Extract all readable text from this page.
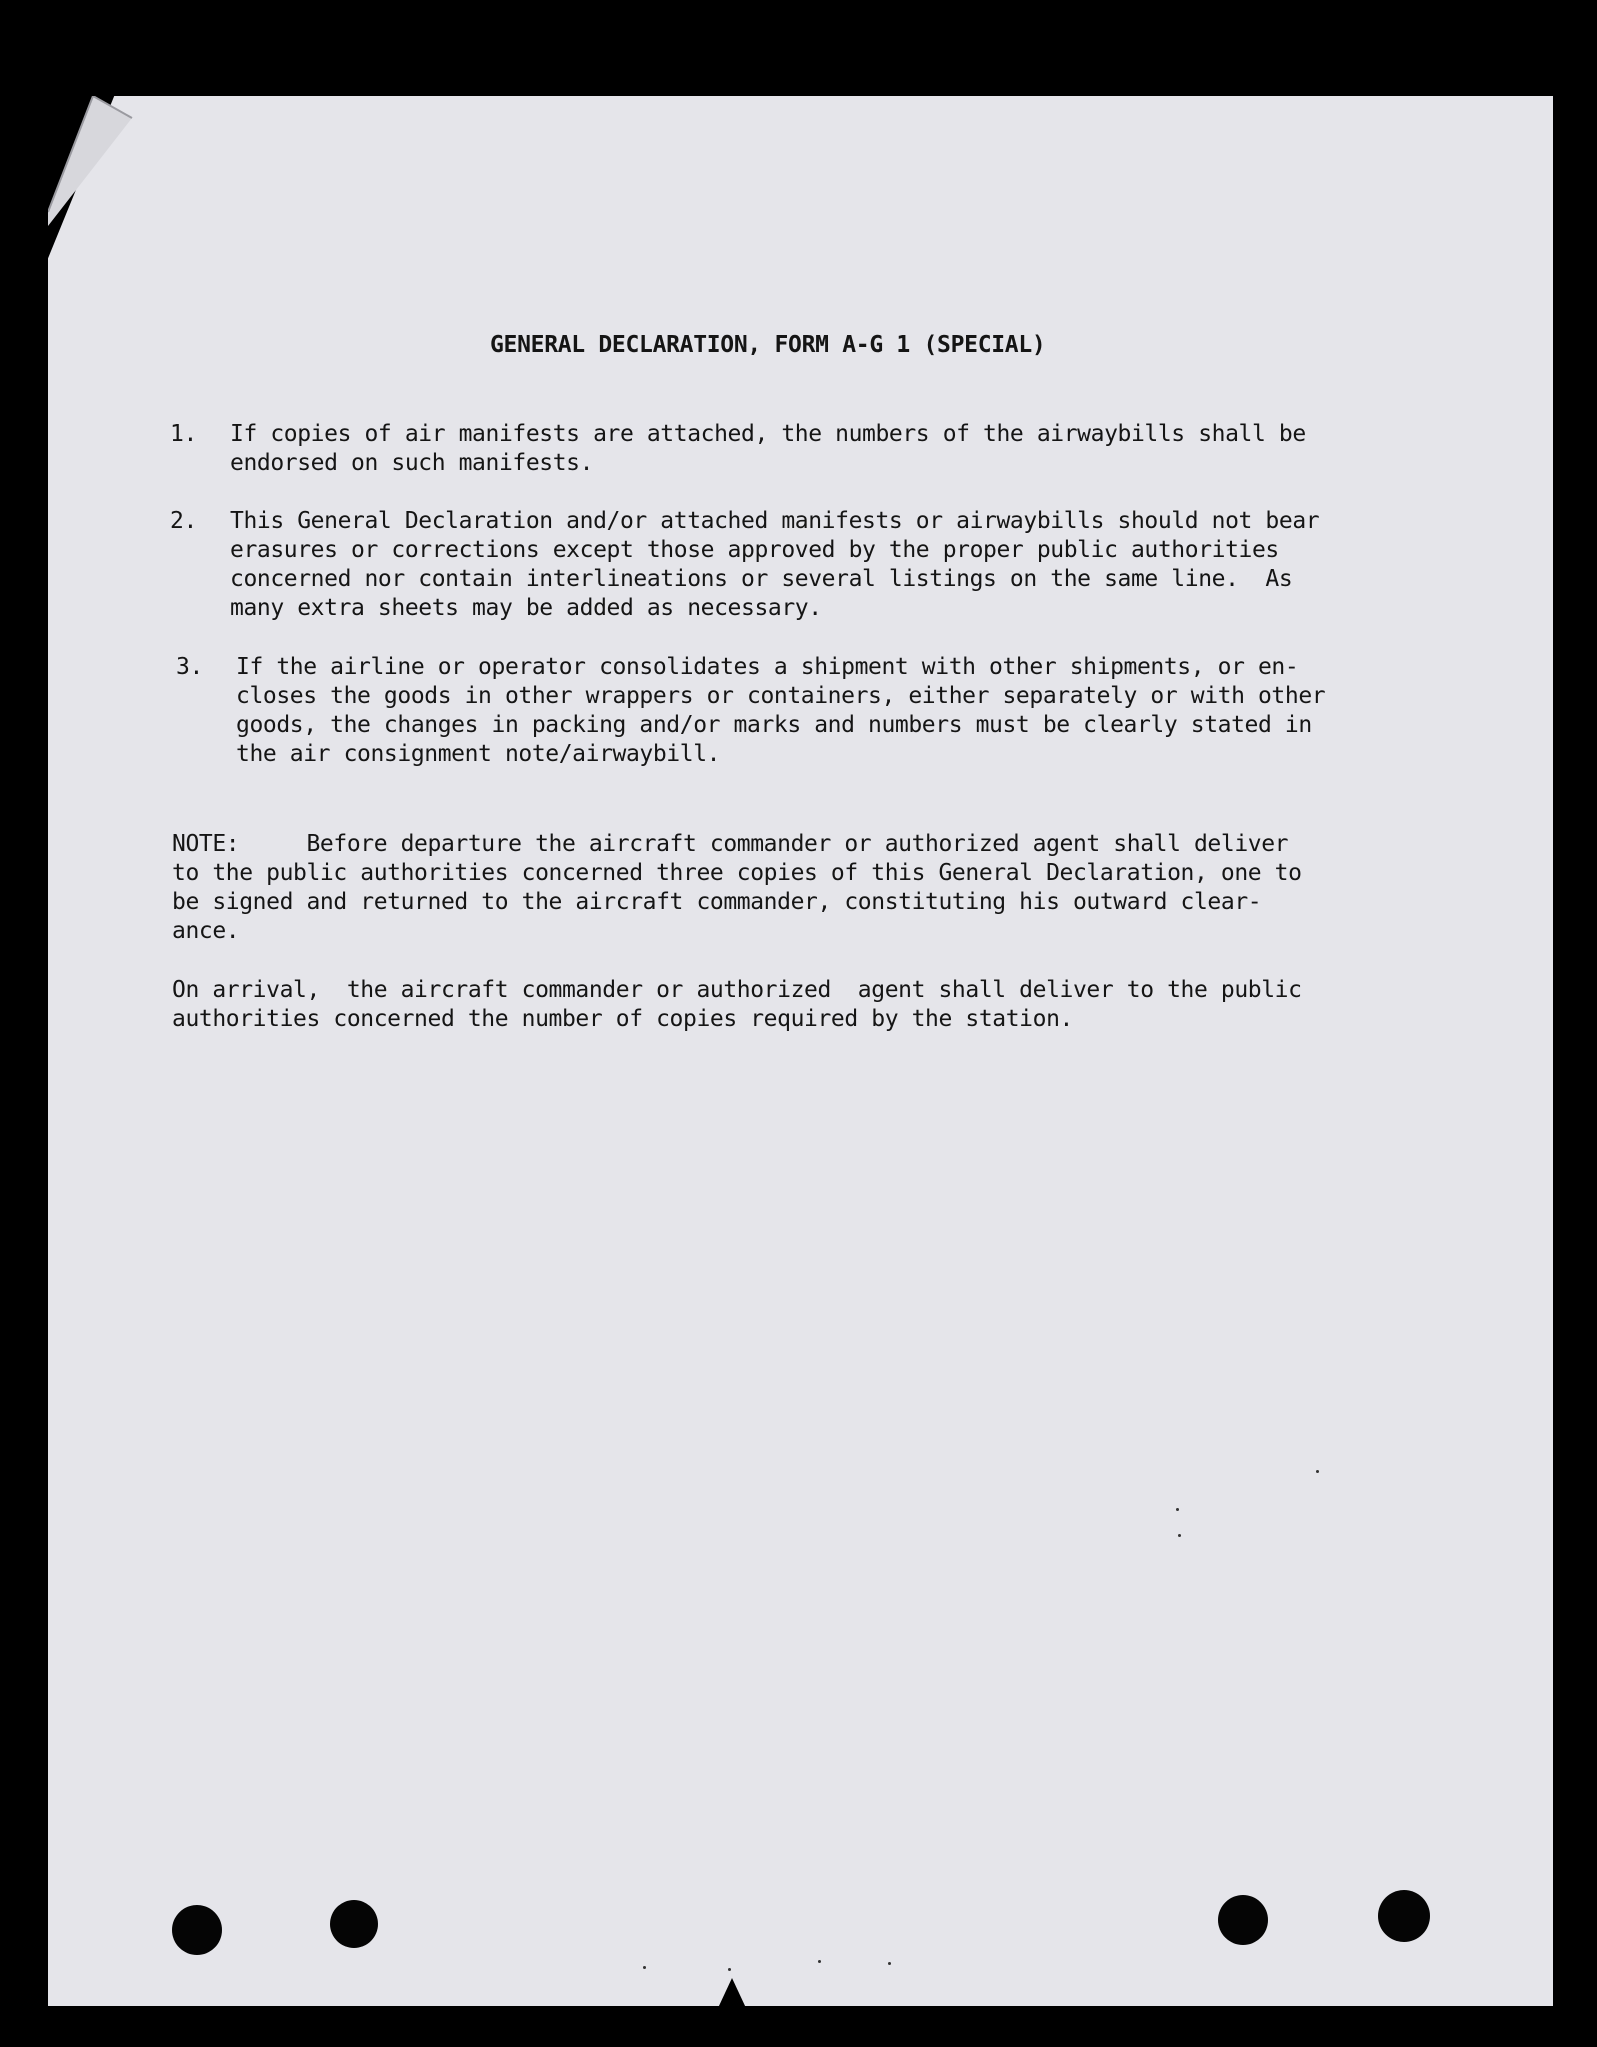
GENERAL DECLARATION, FORM A-G 1 (SPECIAL)
1.	If copies of air manifests are attached, the numbers of the airwaybills shall be
endorsed on such manifests.
2.	This General Declaration and/or attached manifests or airwaybills should not bear
erasures or corrections except those approved by the proper public authorities
concerned nor contain interlineations or several listings on the same line.  As
many extra sheets may be added as necessary.
3.	If the airline or operator consolidates a shipment with other shipments, or en-
closes the goods in other wrappers or containers, either separately or with other
goods, the changes in packing and/or marks and numbers must be clearly stated in
the air consignment note/airwaybill.
NOTE:     Before departure the aircraft commander or authorized agent shall deliver
to the public authorities concerned three copies of this General Declaration, one to
be signed and returned to the aircraft commander, constituting his outward clear-
ance.
On arrival,  the aircraft commander or authorized  agent shall deliver to the public
authorities concerned the number of copies required by the station.
